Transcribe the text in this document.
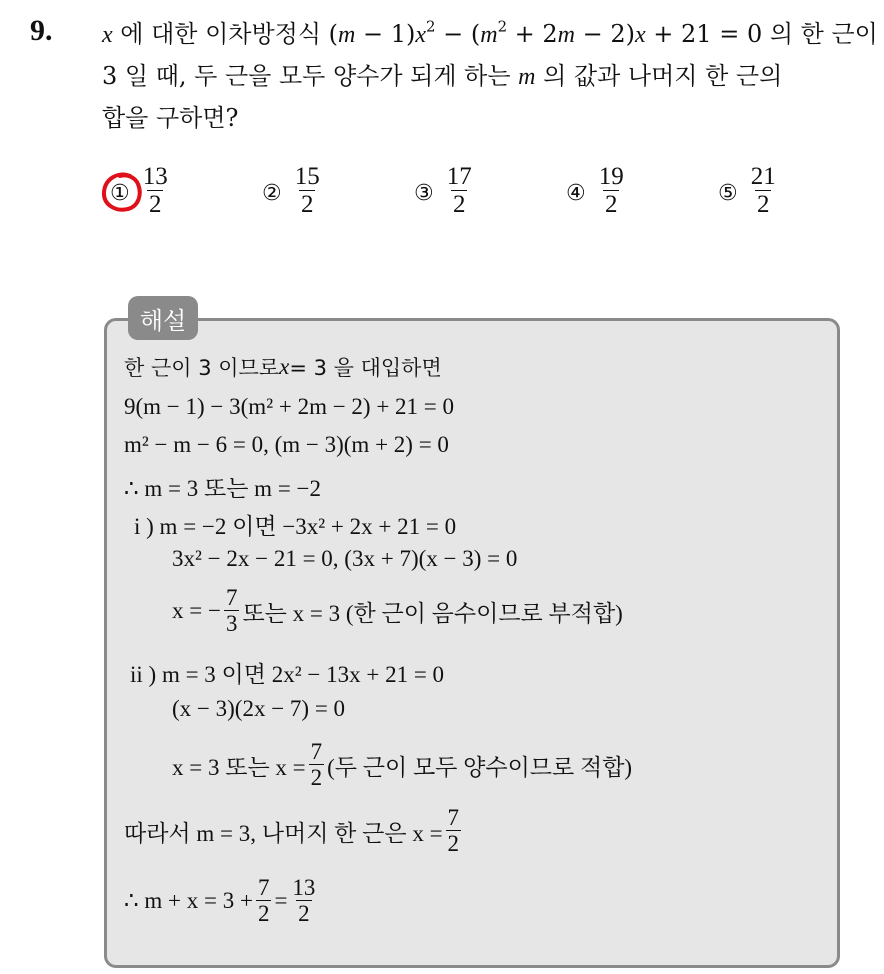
9. x 에 대한 이차방정식 $(m - 1)x^2 - (m^2 + 2m - 2)x + 21 = 0$ 의 한 근이
3 일 때, 두 근을 모두 양수가 되게 하는 m 의 값과 나머지 한 근의
합을 구하면?
① $\frac{13}{2}$	② $\frac{15}{2}$	③ $\frac{17}{2}$	④ $\frac{19}{2}$	⑤ $\frac{21}{2}$
해설
한 근이 3 이므로 x = 3 을 대입하면
9(m − 1) − 3(m² + 2m − 2) + 21 = 0
m² − m − 6 = 0, (m − 3)(m + 2) = 0
∴ m = 3 또는 m = −2
i ) m = −2 이면 −3x² + 2x + 21 = 0
3x² − 2x − 21 = 0, (3x + 7)(x − 3) = 0
x = − $\frac{7}{3}$ 또는 x = 3 (한 근이 음수이므로 부적합)
ii ) m = 3 이면 2x² − 13x + 21 = 0
(x − 3)(2x − 7) = 0
x = 3 또는 $x = \frac{7}{2}$ (두 근이 모두 양수이므로 적합)
따라서 m = 3, 나머지 한 근은 $x = \frac{7}{2}$
∴ $m + x = 3 + \frac{7}{2} = \frac{13}{2}$
